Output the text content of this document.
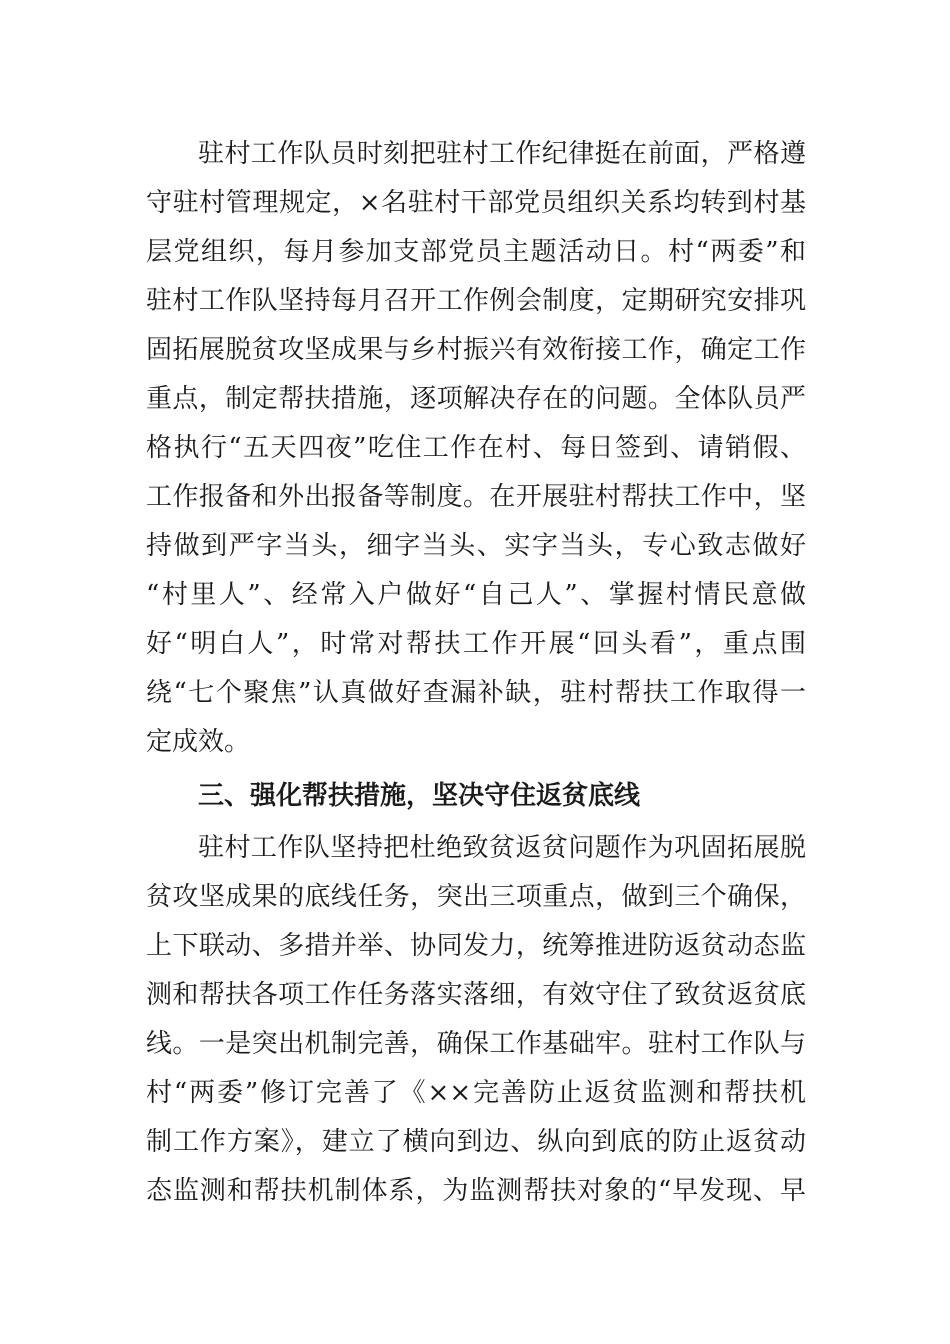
驻村工作队员时刻把驻村工作纪律挺在前面，严格遵
守驻村管理规定，×名驻村干部党员组织关系均转到村基
层党组织，每月参加支部党员主题活动日。村“两委”和
驻村工作队坚持每月召开工作例会制度，定期研究安排巩
固拓展脱贫攻坚成果与乡村振兴有效衔接工作，确定工作
重点，制定帮扶措施，逐项解决存在的问题。全体队员严
格执行“五天四夜”吃住工作在村、每日签到、请销假、
工作报备和外出报备等制度。在开展驻村帮扶工作中，坚
持做到严字当头，细字当头、实字当头，专心致志做好
“村里人”、经常入户做好“自己人”、掌握村情民意做
好“明白人”，时常对帮扶工作开展“回头看”，重点围
绕“七个聚焦”认真做好查漏补缺，驻村帮扶工作取得一
定成效。
三、强化帮扶措施，坚决守住返贫底线
驻村工作队坚持把杜绝致贫返贫问题作为巩固拓展脱
贫攻坚成果的底线任务，突出三项重点，做到三个确保，
上下联动、多措并举、协同发力，统筹推进防返贫动态监
测和帮扶各项工作任务落实落细，有效守住了致贫返贫底
线。一是突出机制完善，确保工作基础牢。驻村工作队与
村“两委”修订完善了《××完善防止返贫监测和帮扶机
制工作方案》，建立了横向到边、纵向到底的防止返贫动
态监测和帮扶机制体系，为监测帮扶对象的“早发现、早
